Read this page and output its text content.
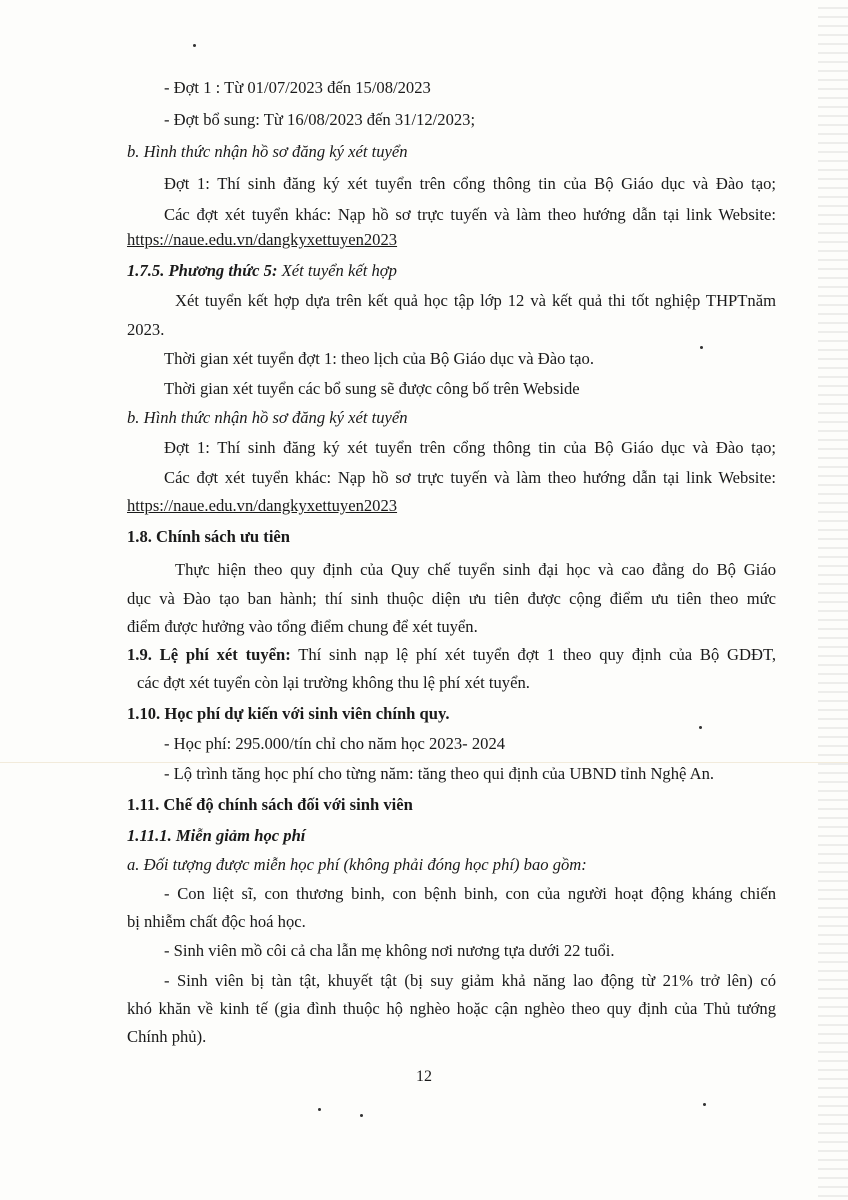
- Đợt 1 : Từ 01/07/2023 đến 15/08/2023
- Đợt bổ sung: Từ 16/08/2023 đến 31/12/2023;
b. Hình thức nhận hồ sơ đăng ký xét tuyển
Đợt 1: Thí sinh đăng ký xét tuyển trên cổng thông tin của Bộ Giáo dục và Đào tạo;
Các đợt xét tuyển khác: Nạp hồ sơ trực tuyến và làm theo hướng dẫn tại link Website:
https://naue.edu.vn/dangkyxettuyen2023
1.7.5. Phương thức 5: Xét tuyển kết hợp
Xét tuyển kết hợp dựa trên kết quả học tập lớp 12 và kết quả thi tốt nghiệp THPTnăm
2023.
Thời gian xét tuyển đợt 1: theo lịch của Bộ Giáo dục và Đào tạo.
Thời gian xét tuyển các bổ sung sẽ được công bố trên Webside
b. Hình thức nhận hồ sơ đăng ký xét tuyển
Đợt 1: Thí sinh đăng ký xét tuyển trên cổng thông tin của Bộ Giáo dục và Đào tạo;
Các đợt xét tuyển khác: Nạp hồ sơ trực tuyến và làm theo hướng dẫn tại link Website:
https://naue.edu.vn/dangkyxettuyen2023
1.8. Chính sách ưu tiên
Thực hiện theo quy định của Quy chế tuyển sinh đại học và cao đẳng do Bộ Giáo
dục và Đào tạo ban hành; thí sinh thuộc diện ưu tiên được cộng điểm ưu tiên theo mức
điểm được hưởng vào tổng điểm chung để xét tuyển.
1.9. Lệ phí xét tuyển: Thí sinh nạp lệ phí xét tuyển đợt 1 theo quy định của Bộ GDĐT,
các đợt xét tuyển còn lại trường không thu lệ phí xét tuyển.
1.10. Học phí dự kiến với sinh viên chính quy.
- Học phí: 295.000/tín chỉ cho năm học 2023- 2024
- Lộ trình tăng học phí cho từng năm: tăng theo qui định của UBND tỉnh Nghệ An.
1.11. Chế độ chính sách đối với sinh viên
1.11.1. Miễn giảm học phí
a. Đối tượng được miễn học phí (không phải đóng học phí) bao gồm:
- Con liệt sĩ, con thương binh, con bệnh binh, con của người hoạt động kháng chiến
bị nhiễm chất độc hoá học.
- Sinh viên mồ côi cả cha lẫn mẹ không nơi nương tựa dưới 22 tuổi.
- Sinh viên bị tàn tật, khuyết tật (bị suy giảm khả năng lao động từ 21% trở lên) có
khó khăn về kinh tế (gia đình thuộc hộ nghèo hoặc cận nghèo theo quy định của Thủ tướng
Chính phủ).
12
